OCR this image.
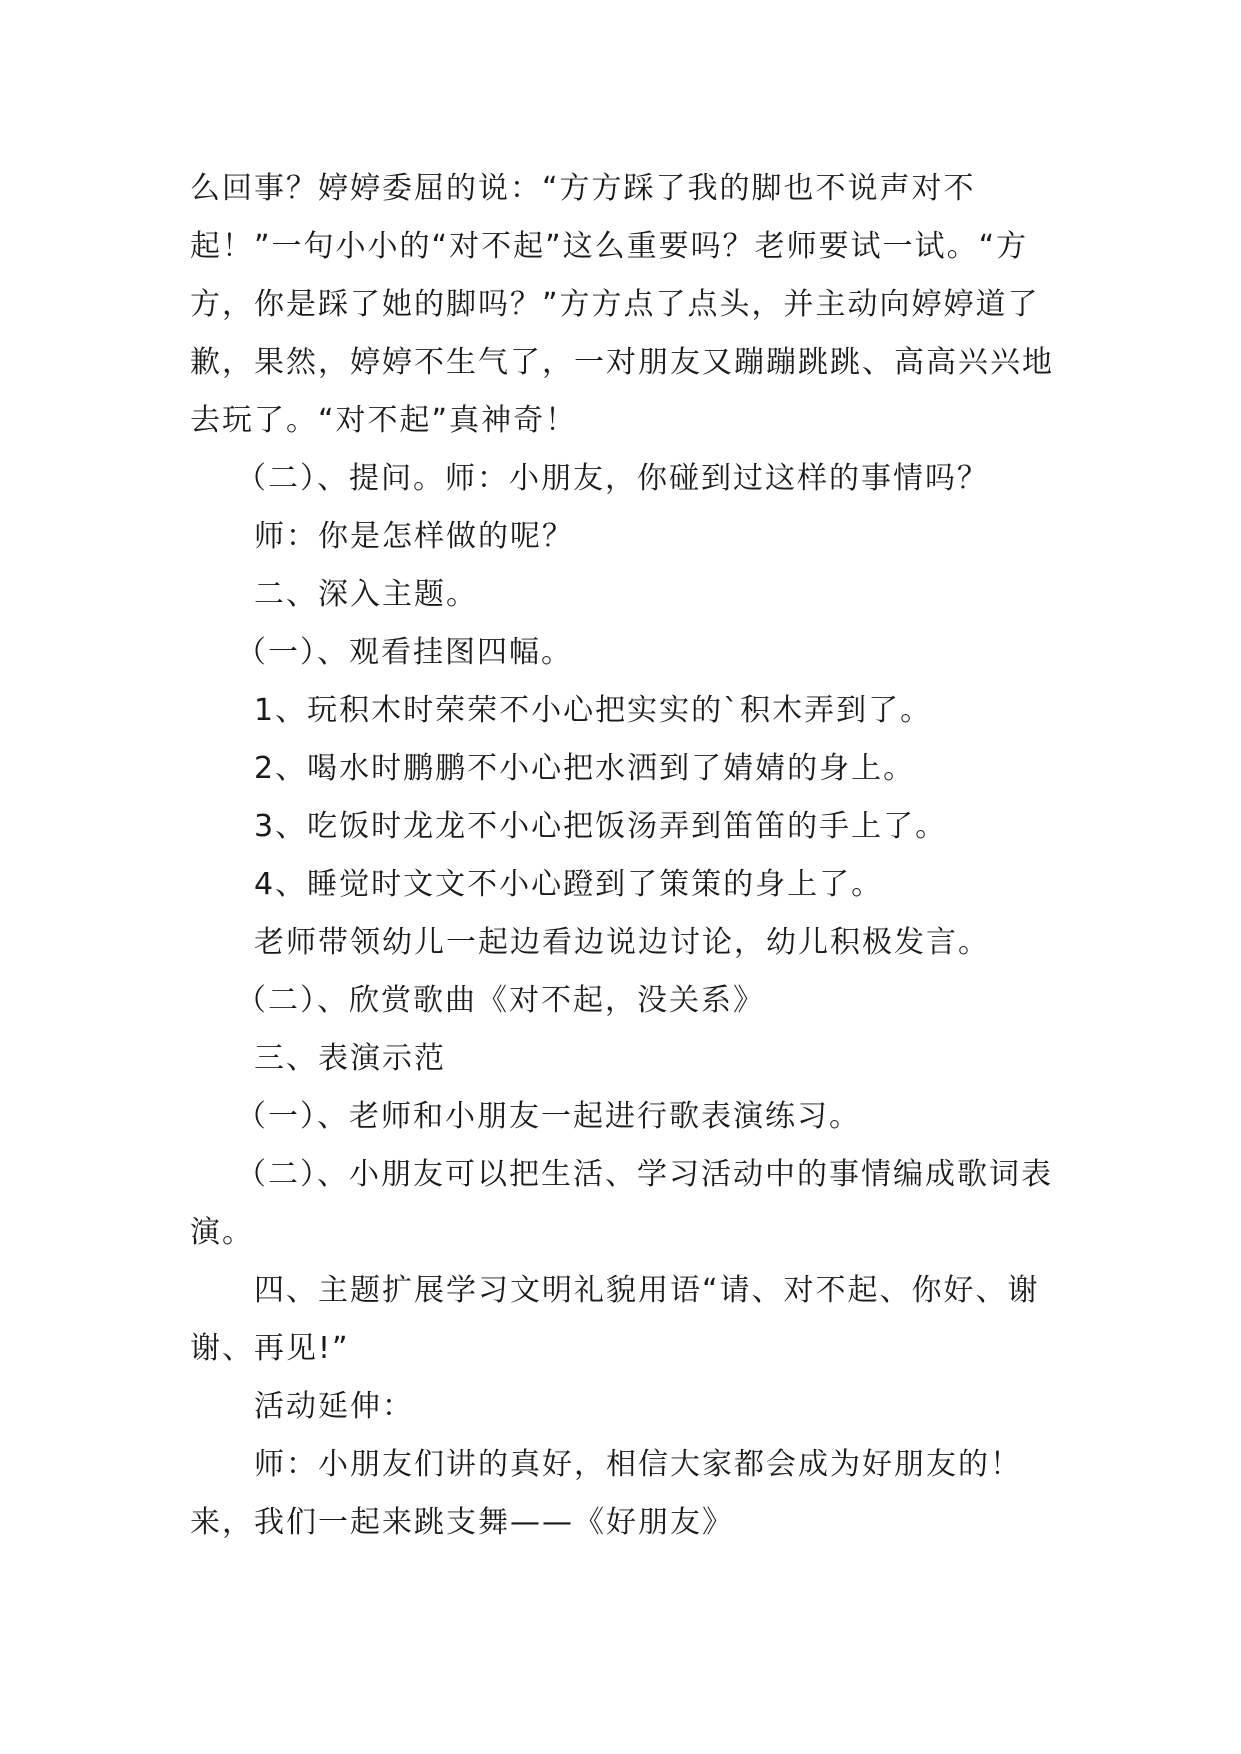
么回事？婷婷委屈的说：“方方踩了我的脚也不说声对不起！”一句小小的“对不起”这么重要吗？老师要试一试。“方方，你是踩了她的脚吗？”方方点了点头，并主动向婷婷道了歉，果然，婷婷不生气了，一对朋友又蹦蹦跳跳、高高兴兴地去玩了。“对不起”真神奇！

（二）、提问。师：小朋友，你碰到过这样的事情吗？

师：你是怎样做的呢？

二、深入主题。

（一）、观看挂图四幅。

1、玩积木时荣荣不小心把实实的`积木弄到了。

2、喝水时鹏鹏不小心把水洒到了婧婧的身上。

3、吃饭时龙龙不小心把饭汤弄到笛笛的手上了。

4、睡觉时文文不小心蹬到了策策的身上了。

老师带领幼儿一起边看边说边讨论，幼儿积极发言。

（二）、欣赏歌曲《对不起，没关系》

三、表演示范

（一）、老师和小朋友一起进行歌表演练习。

（二）、小朋友可以把生活、学习活动中的事情编成歌词表演。

四、主题扩展学习文明礼貌用语“请、对不起、你好、谢谢、再见!”

活动延伸：

师：小朋友们讲的真好，相信大家都会成为好朋友的！来，我们一起来跳支舞——《好朋友》
